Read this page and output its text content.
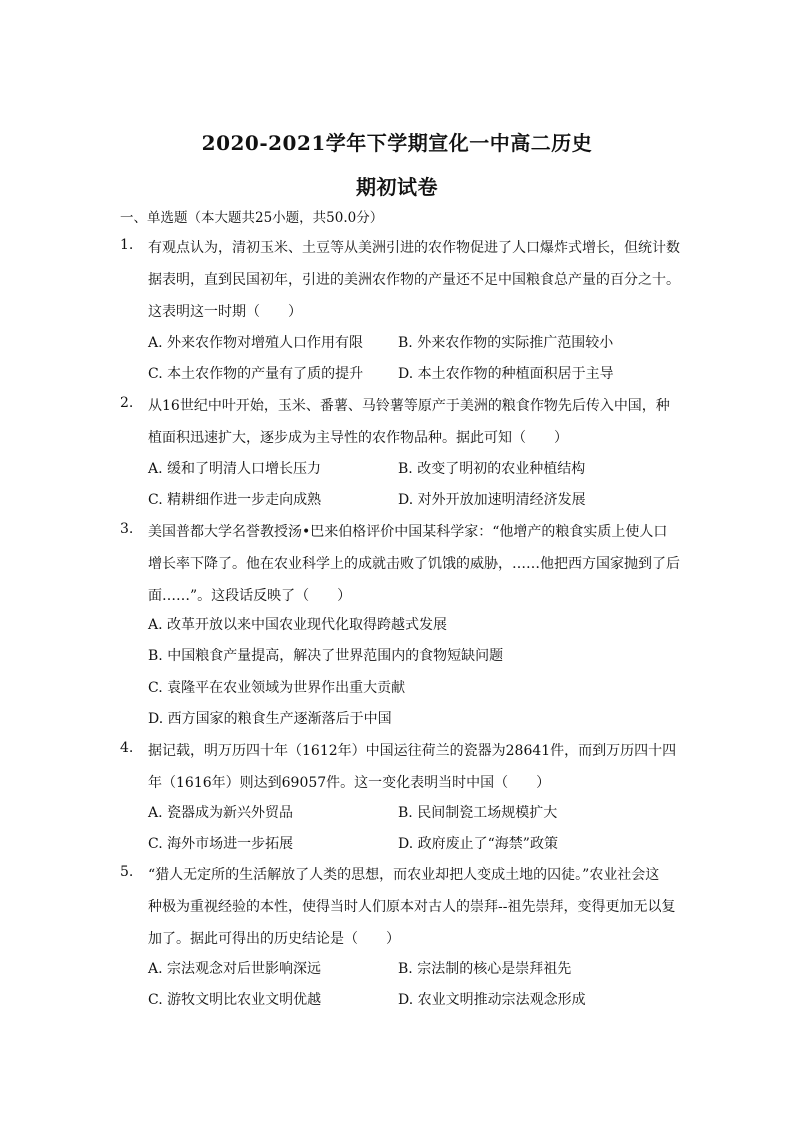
2020-2021学年下学期宣化一中高二历史
期初试卷
一、单选题（本大题共25小题，共50.0分）
1. 有观点认为，清初玉米、土豆等从美洲引进的农作物促进了人口爆炸式增长，但统计数
据表明，直到民国初年，引进的美洲农作物的产量还不足中国粮食总产量的百分之十。
这表明这一时期（　　）
A. 外来农作物对增殖人口作用有限 B. 外来农作物的实际推广范围较小
C. 本土农作物的产量有了质的提升 D. 本土农作物的种植面积居于主导
2. 从16世纪中叶开始，玉米、番薯、马铃薯等原产于美洲的粮食作物先后传入中国，种
植面积迅速扩大，逐步成为主导性的农作物品种。据此可知（　　）
A. 缓和了明清人口增长压力	B. 改变了明初的农业种植结构
C. 精耕细作进一步走向成熟	D. 对外开放加速明清经济发展
3. 美国普都大学名誉教授汤•巴来伯格评价中国某科学家：“他增产的粮食实质上使人口
增长率下降了。他在农业科学上的成就击败了饥饿的威胁，……他把西方国家抛到了后
面……”。这段话反映了（　　）
A. 改革开放以来中国农业现代化取得跨越式发展
B. 中国粮食产量提高，解决了世界范围内的食物短缺问题
C. 袁隆平在农业领域为世界作出重大贡献
D. 西方国家的粮食生产逐渐落后于中国
4. 据记载，明万历四十年（1612年）中国运往荷兰的瓷器为28641件，而到万历四十四
年（1616年）则达到69057件。这一变化表明当时中国（　　）
A. 瓷器成为新兴外贸品	B. 民间制瓷工场规模扩大
C. 海外市场进一步拓展	D. 政府废止了“海禁”政策
5. “猎人无定所的生活解放了人类的思想，而农业却把人变成土地的囚徒。”农业社会这
种极为重视经验的本性，使得当时人们原本对古人的崇拜--祖先崇拜，变得更加无以复
加了。据此可得出的历史结论是（　　）
A. 宗法观念对后世影响深远	B. 宗法制的核心是崇拜祖先
C. 游牧文明比农业文明优越	D. 农业文明推动宗法观念形成
